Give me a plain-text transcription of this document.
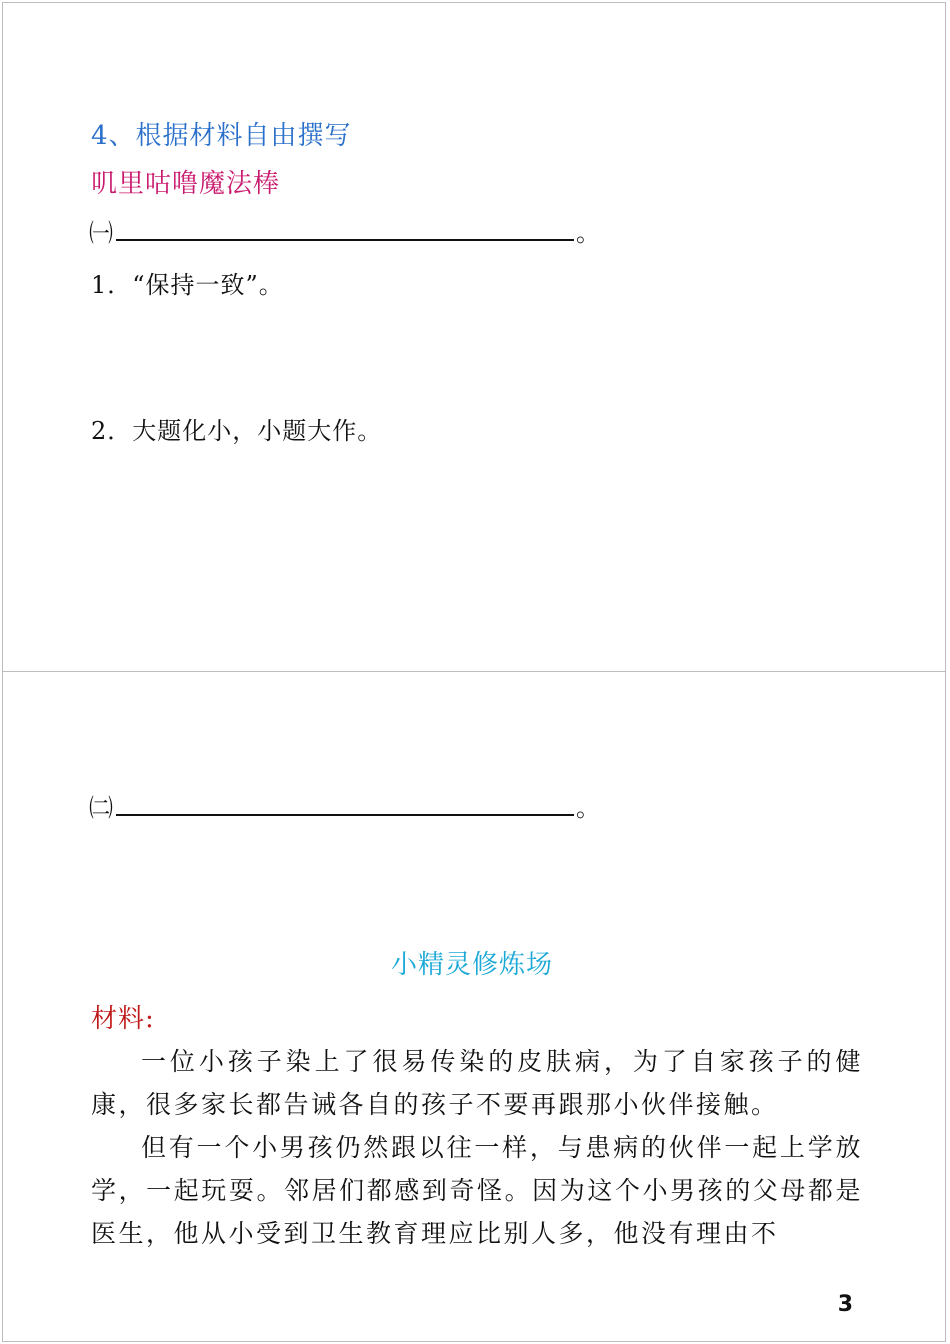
4、根据材料自由撰写
叽里咕噜魔法棒
㈠	。
1．“保持一致”。
2．大题化小，小题大作。
㈡	。
小精灵修炼场
材料:

一位小孩子染上了很易传染的皮肤病，为了自家孩子的健康，很多家长都告诫各自的孩子不要再跟那小伙伴接触。

但有一个小男孩仍然跟以往一样，与患病的伙伴一起上学放学，一起玩耍。邻居们都感到奇怪。因为这个小男孩的父母都是医生，他从小受到卫生教育理应比别人多，他没有理由不

3
